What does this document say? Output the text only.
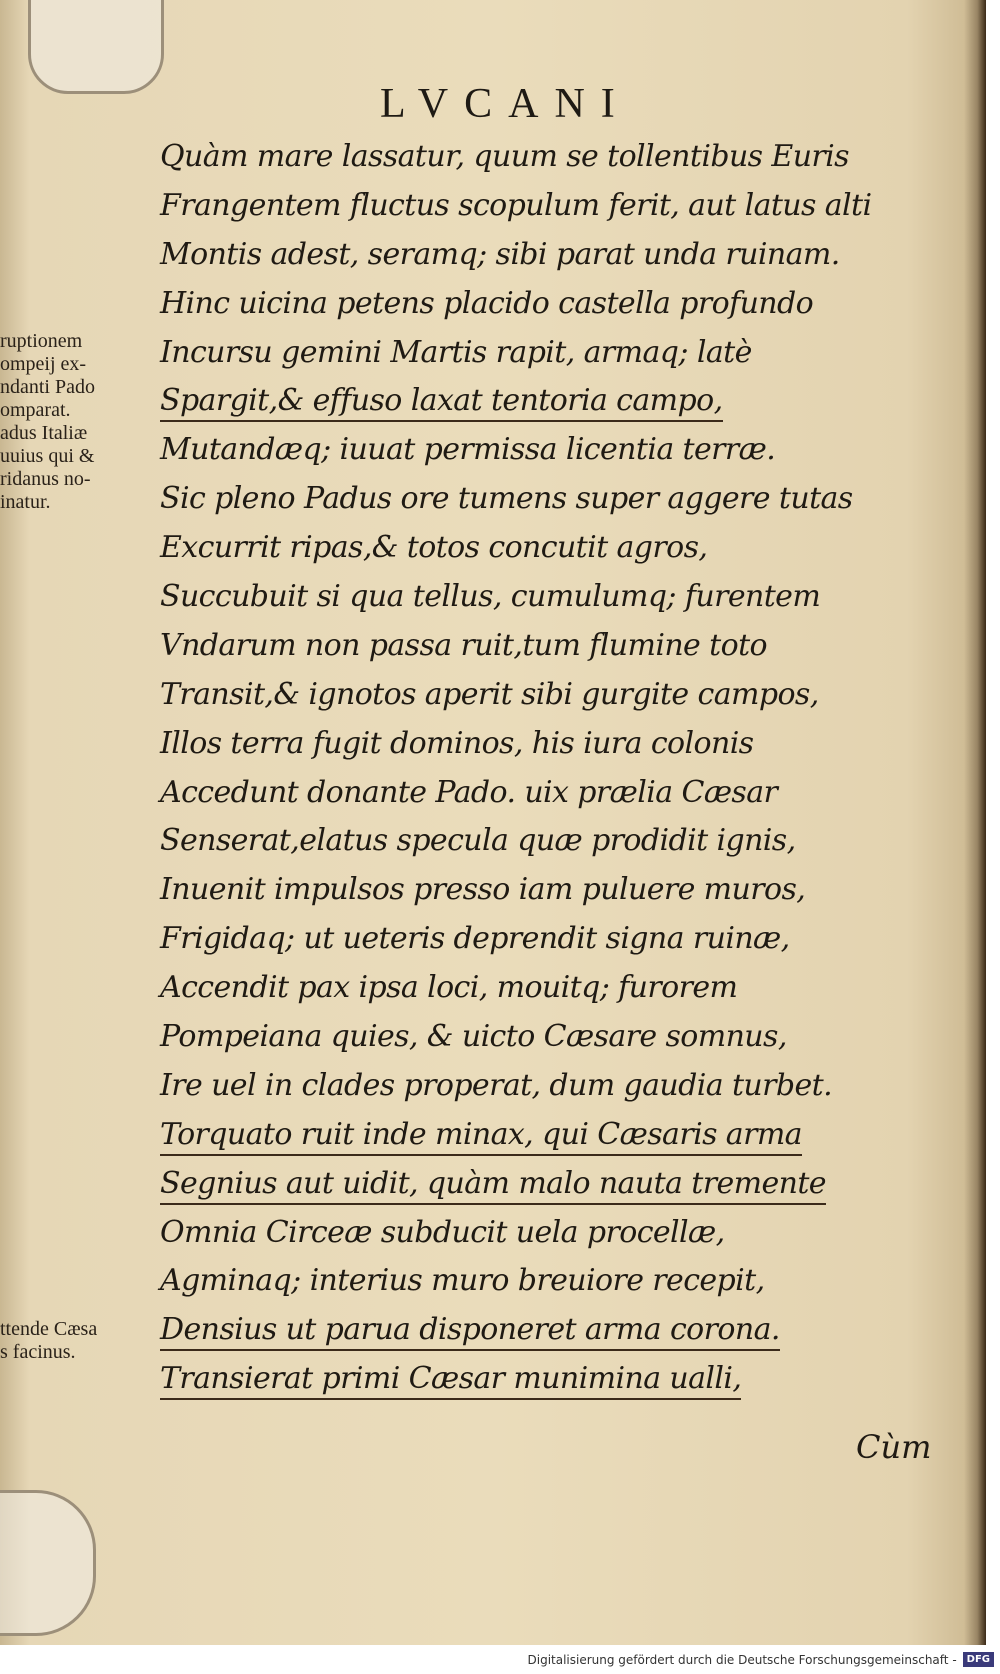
LVCANI
ruptionem
ompeij ex-
ndanti Pado
omparat.
adus Italiæ
uuius qui &
ridanus no-
inatur.
ttende Cæsa
s facinus.
Quàm mare lassatur, quum se tollentibus Euris
Frangentem fluctus scopulum ferit, aut latus alti
Montis adest, seramq; sibi parat unda ruinam.
Hinc uicina petens placido castella profundo
Incursu gemini Martis rapit, armaq; latè
Spargit,& effuso laxat tentoria campo,
Mutandæq; iuuat permissa licentia terræ.
Sic pleno Padus ore tumens super aggere tutas
Excurrit ripas,& totos concutit agros,
Succubuit si qua tellus, cumulumq; furentem
Vndarum non passa ruit,tum flumine toto
Transit,& ignotos aperit sibi gurgite campos,
Illos terra fugit dominos, his iura colonis
Accedunt donante Pado. uix prælia Cæsar
Senserat,elatus specula quæ prodidit ignis,
Inuenit impulsos presso iam puluere muros,
Frigidaq; ut ueteris deprendit signa ruinæ,
Accendit pax ipsa loci, mouitq; furorem
Pompeiana quies, & uicto Cæsare somnus,
Ire uel in clades properat, dum gaudia turbet.
Torquato ruit inde minax, qui Cæsaris arma
Segnius aut uidit, quàm malo nauta tremente
Omnia Circeæ subducit uela procellæ,
Agminaq; interius muro breuiore recepit,
Densius ut parua disponeret arma corona.
Transierat primi Cæsar munimina ualli,
Cùm
Digitalisierung gefördert durch die Deutsche Forschungsgemeinschaft -	DFG
